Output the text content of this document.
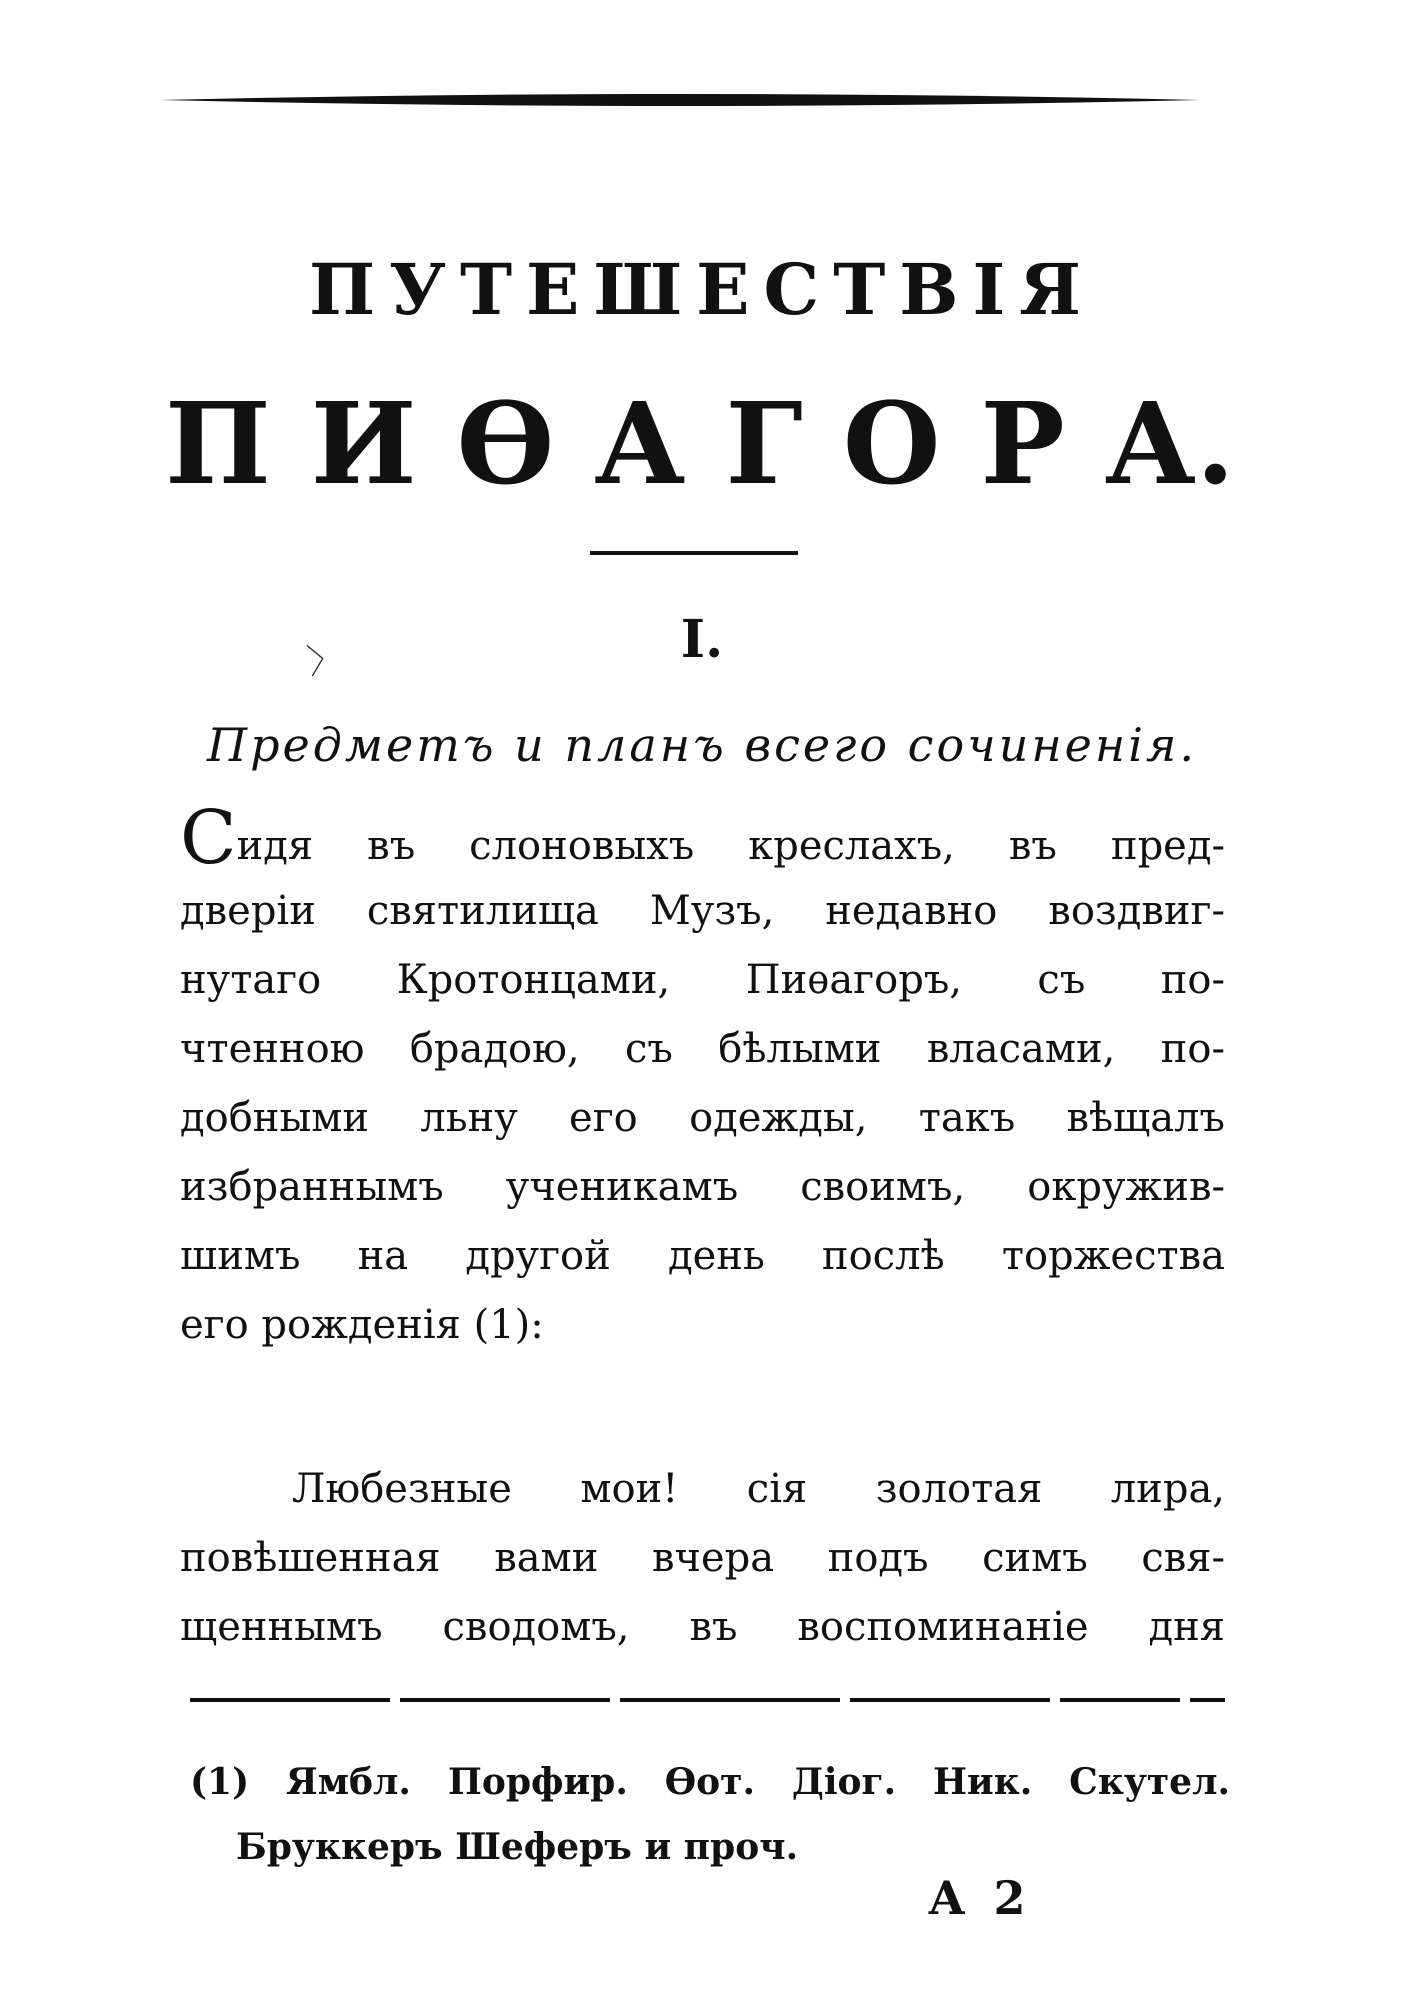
ПУТЕШЕСТВІЯ
П И Ѳ А Г О Р А.
I.
〉
Предметъ и планъ всего сочиненія.
Сидя въ слоновыхъ креслахъ, въ пред-
двеpiи святилища Музъ, недавно воздвиг-
нутаго Кротонцами, Пиѳагоръ, съ по-
чтенною брадою, съ бѣлыми власами, по-
добными льну его одежды, такъ вѣщалъ
избраннымъ ученикамъ своимъ, окружив-
шимъ на другой день послѣ торжества
его рожденія (1):
Любезные мои! сія золотая лира,
повѣшенная вами вчера подъ симъ свя-
щеннымъ сводомъ, въ воспоминаніе дня
(1) Ямбл. Порфир. Ѳот. Діог. Ник. Скутел.
Бруккеръ Шеферъ и проч.
А 2
